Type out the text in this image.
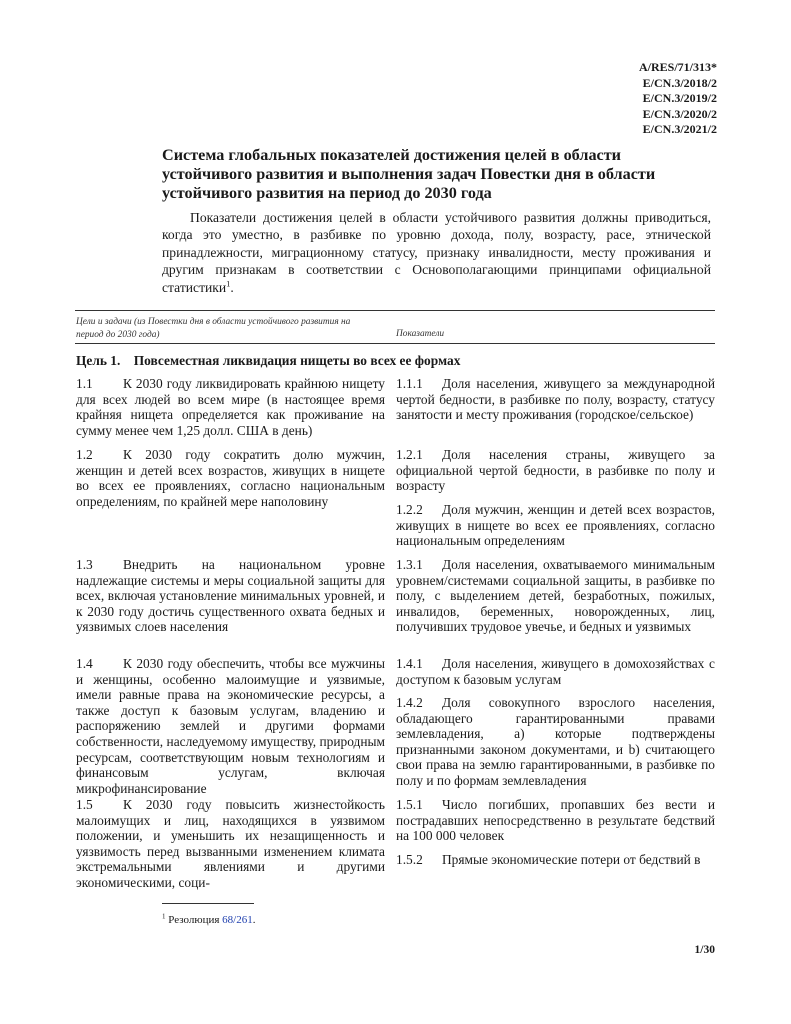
A/RES/71/313*
E/CN.3/2018/2
E/CN.3/2019/2
E/CN.3/2020/2
E/CN.3/2021/2
Система глобальных показателей достижения целей в области устойчивого развития и выполнения задач Повестки дня в области устойчивого развития на период до 2030 года

Показатели достижения целей в области устойчивого развития должны приводиться, когда это уместно, в разбивке по уровню дохода, полу, возрасту, расе, этнической принадлежности, миграционному статусу, признаку инвалидности, месту проживания и другим признакам в соответствии с Основополагающими принципами официальной статистики$^1$.

Цели и задачи (из Повестки дня в области устойчивого развития на период до 2030 года)	Показатели
Цель 1. Повсеместная ликвидация нищеты во всех ее формах
1.1 К 2030 году ликвидировать крайнюю нищету для всех людей во всем мире (в настоящее время крайняя нищета определяется как проживание на сумму менее чем 1,25 долл. США в день)
1.2 К 2030 году сократить долю мужчин, женщин и детей всех возрастов, живущих в нищете во всех ее проявлениях, согласно национальным определениям, по крайней мере наполовину
1.3 Внедрить на национальном уровне надлежащие системы и меры социальной защиты для всех, включая установление минимальных уровней, и к 2030 году достичь существенного охвата бедных и уязвимых слоев населения
1.4 К 2030 году обеспечить, чтобы все мужчины и женщины, особенно малоимущие и уязвимые, имели равные права на экономические ресурсы, а также доступ к базовым услугам, владению и распоряжению землей и другими формами собственности, наследуемому имуществу, природным ресурсам, соответствующим новым технологиям и финансовым услугам, включая микрофинансирование
1.5 К 2030 году повысить жизнестойкость малоимущих и лиц, находящихся в уязвимом положении, и уменьшить их незащищенность и уязвимость перед вызванными изменением климата экстремальными явлениями и другими экономическими, соци-
1.1.1 Доля населения, живущего за международной чертой бедности, в разбивке по полу, возрасту, статусу занятости и месту проживания (городское/сельское)
1.2.1 Доля населения страны, живущего за официальной чертой бедности, в разбивке по полу и возрасту
1.2.2 Доля мужчин, женщин и детей всех возрастов, живущих в нищете во всех ее проявлениях, согласно национальным определениям
1.3.1 Доля населения, охватываемого минимальным уровнем/системами социальной защиты, в разбивке по полу, с выделением детей, безработных, пожилых, инвалидов, беременных, новорожденных, лиц, получивших трудовое увечье, и бедных и уязвимых
1.4.1 Доля населения, живущего в домохозяйствах с доступом к базовым услугам
1.4.2 Доля совокупного взрослого населения, обладающего гарантированными правами землевладения, а) которые подтверждены признанными законом документами, и b) считающего свои права на землю гарантированными, в разбивке по полу и по формам землевладения
1.5.1 Число погибших, пропавших без вести и пострадавших непосредственно в результате бедствий на 100 000 человек
1.5.2 Прямые экономические потери от бедствий в
$^1$ Резолюция 68/261.
1/30
